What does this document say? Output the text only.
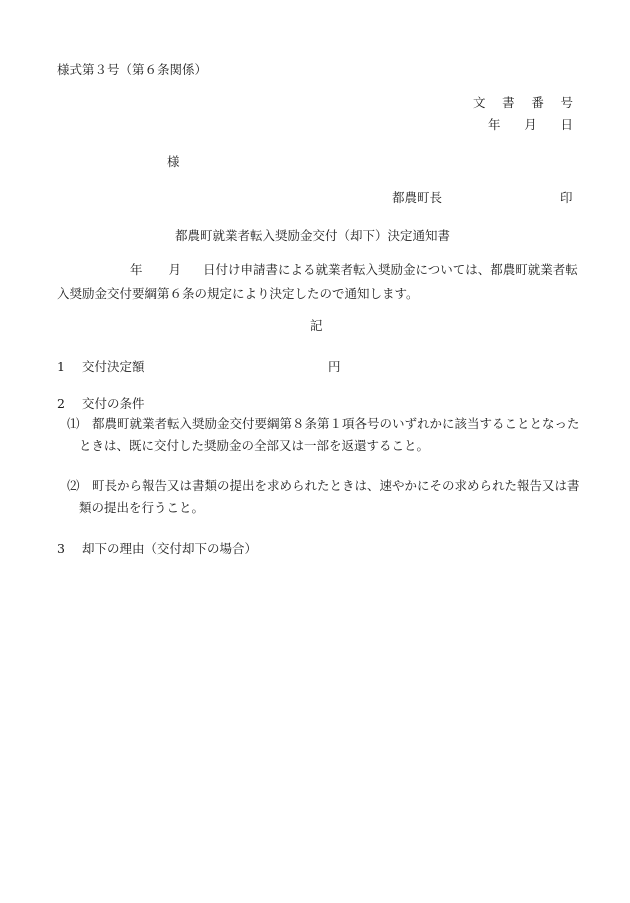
様式第３号（第６条関係）
文 書 番 号
年 月 日
様
都農町長	印
都農町就業者転入奨励金交付（却下）決定通知書
年 月 日付け申請書による就業者転入奨励金については、都農町就業者転
入奨励金交付要綱第６条の規定により決定したので通知します。
記
1 交付決定額	円
2 交付の条件
⑴ 都農町就業者転入奨励金交付要綱第８条第１項各号のいずれかに該当することとなった
ときは、既に交付した奨励金の全部又は一部を返還すること。
⑵ 町長から報告又は書類の提出を求められたときは、速やかにその求められた報告又は書
類の提出を行うこと。
3 却下の理由（交付却下の場合）
